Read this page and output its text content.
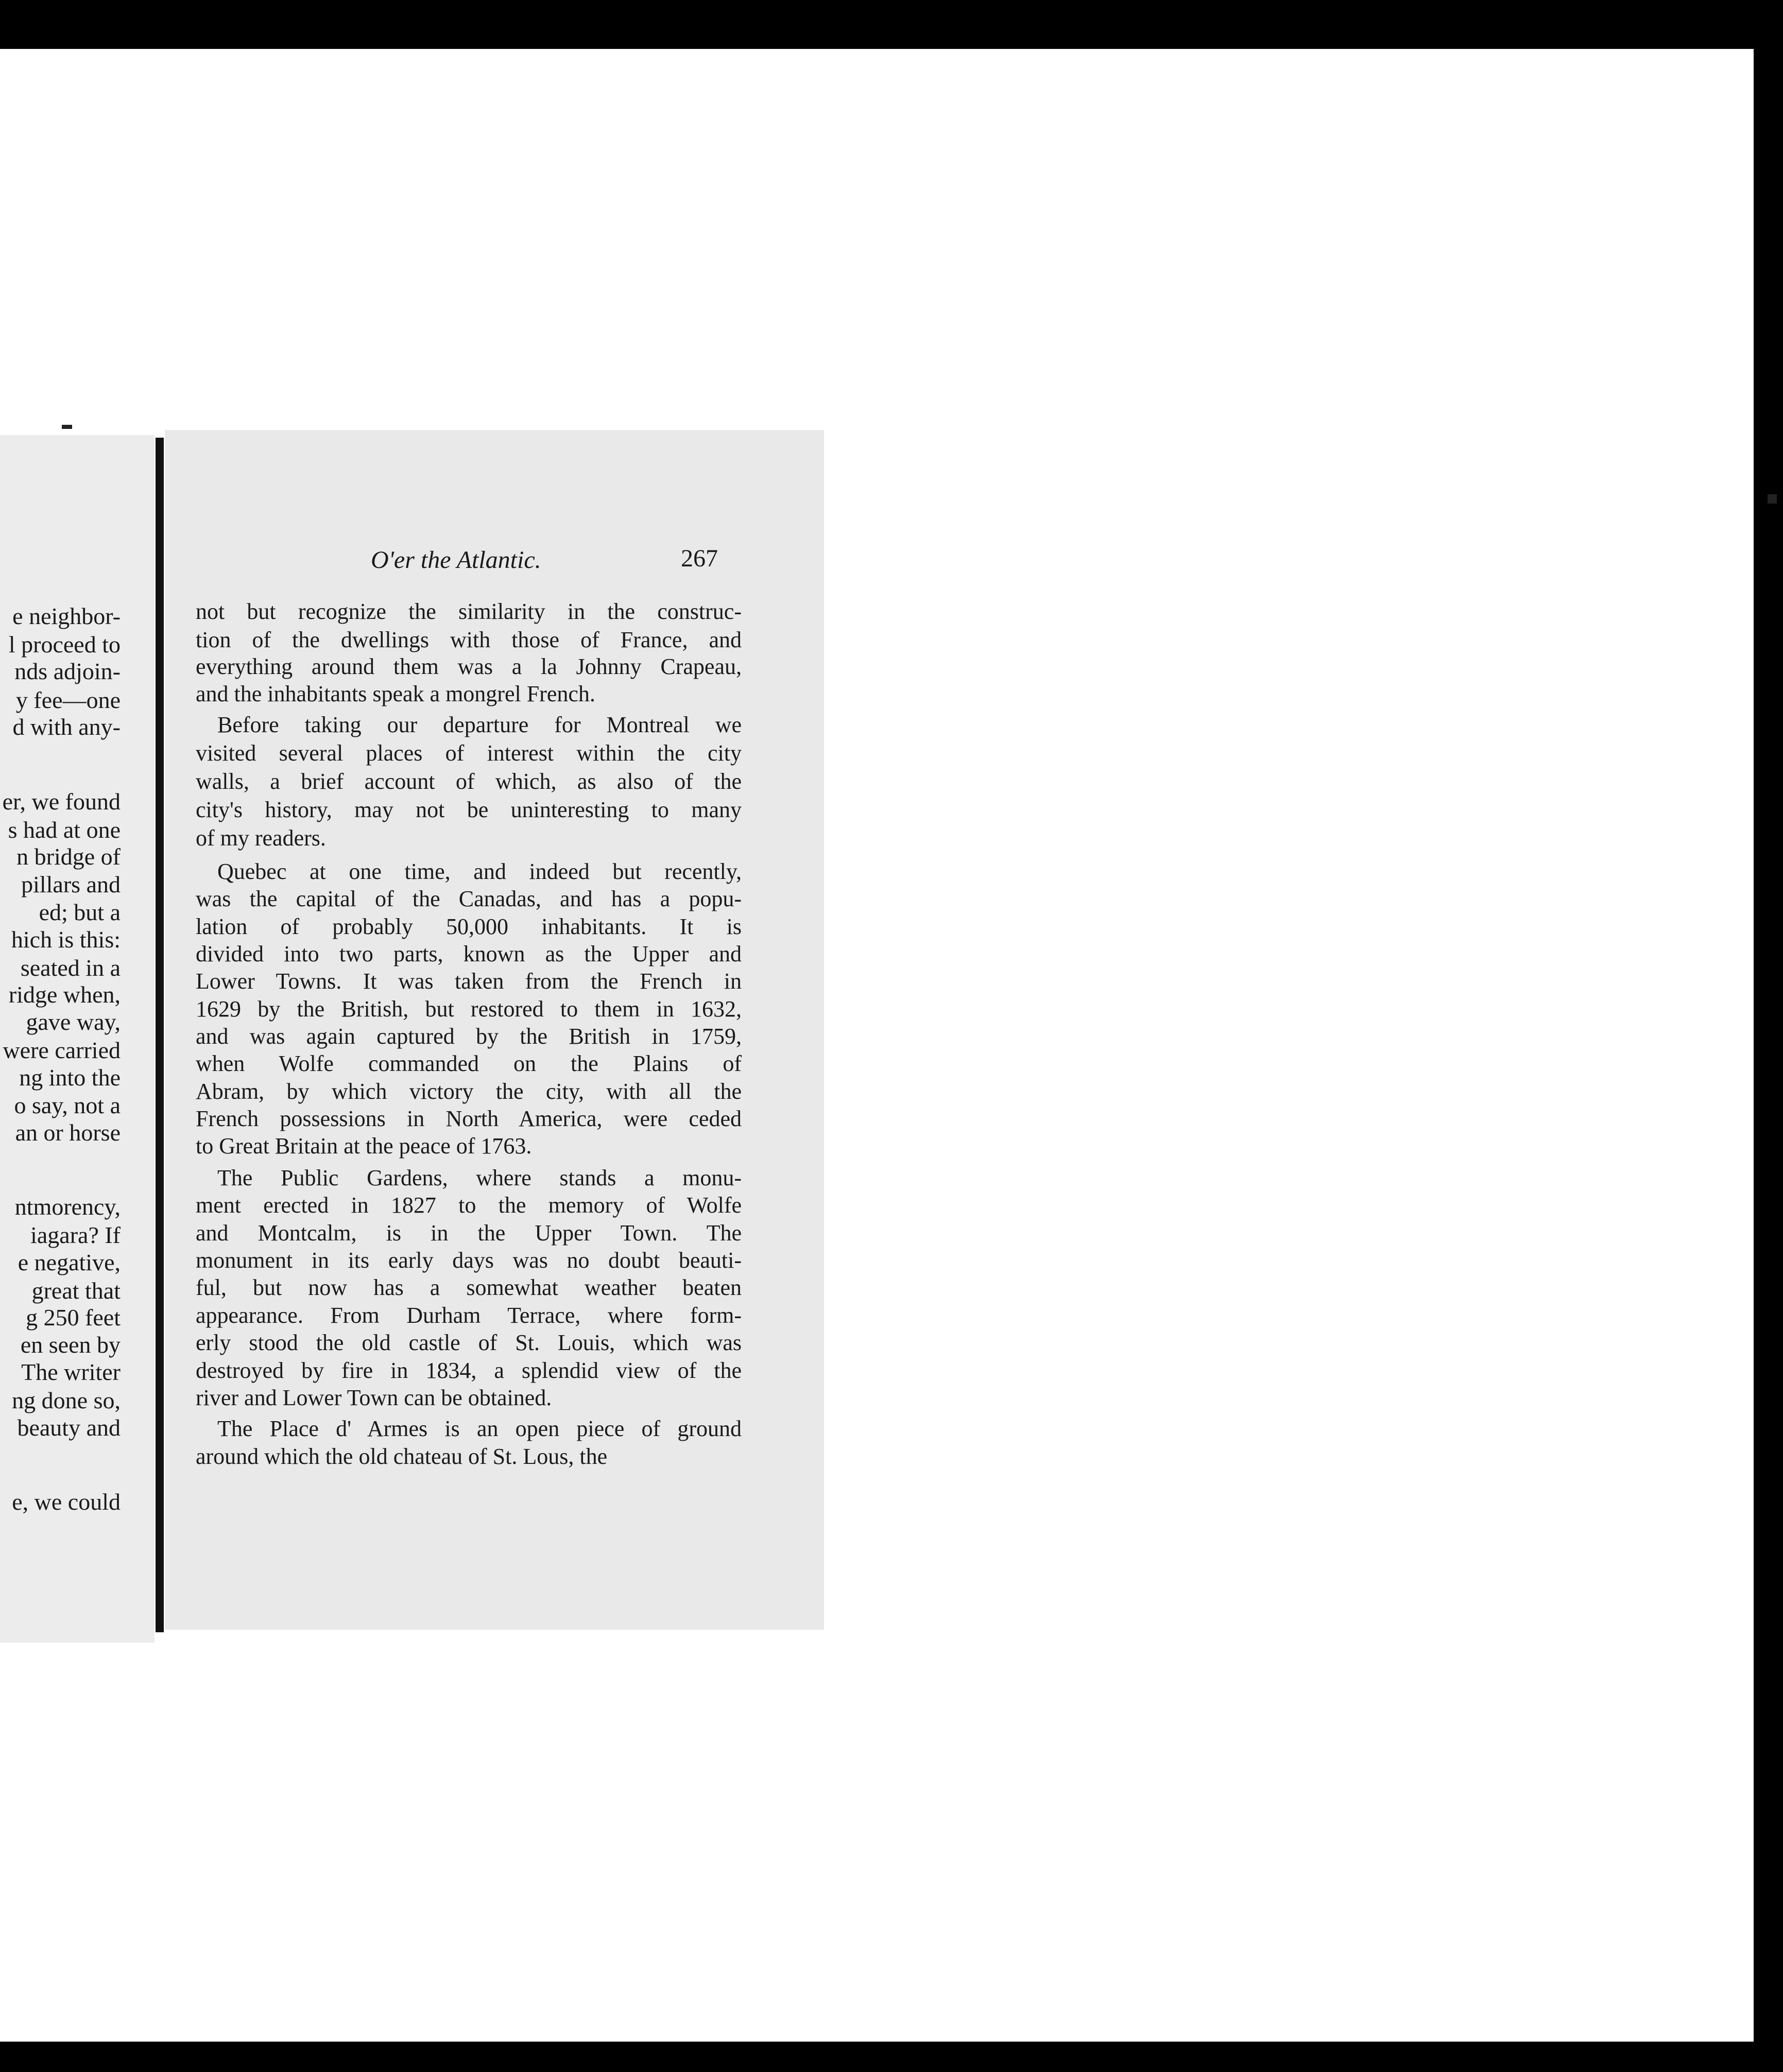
e neighbor-
l proceed to
nds adjoin-
y fee—one
d with any-
er, we found
s had at one
n bridge of
pillars and
ed; but a
hich is this:
seated in a
ridge when,
gave way,
were carried
ng into the
o say, not a
an or horse
ntmorency,
iagara? If
e negative,
great that
g 250 feet
en seen by
The writer
ng done so,
beauty and
e, we could
O'er the Atlantic.	267
not but recognize the similarity in the construc-
tion of the dwellings with those of France, and
everything around them was a la Johnny Crapeau,
and the inhabitants speak a mongrel French.
Before taking our departure for Montreal we
visited several places of interest within the city
walls, a brief account of which, as also of the
city's history, may not be uninteresting to many
of my readers.
Quebec at one time, and indeed but recently,
was the capital of the Canadas, and has a popu-
lation of probably 50,000 inhabitants. It is
divided into two parts, known as the Upper and
Lower Towns. It was taken from the French in
1629 by the British, but restored to them in 1632,
and was again captured by the British in 1759,
when Wolfe commanded on the Plains of
Abram, by which victory the city, with all the
French possessions in North America, were ceded
to Great Britain at the peace of 1763.
The Public Gardens, where stands a monu-
ment erected in 1827 to the memory of Wolfe
and Montcalm, is in the Upper Town. The
monument in its early days was no doubt beauti-
ful, but now has a somewhat weather beaten
appearance. From Durham Terrace, where form-
erly stood the old castle of St. Louis, which was
destroyed by fire in 1834, a splendid view of the
river and Lower Town can be obtained.
The Place d' Armes is an open piece of ground
around which the old chateau of St. Lous, the
